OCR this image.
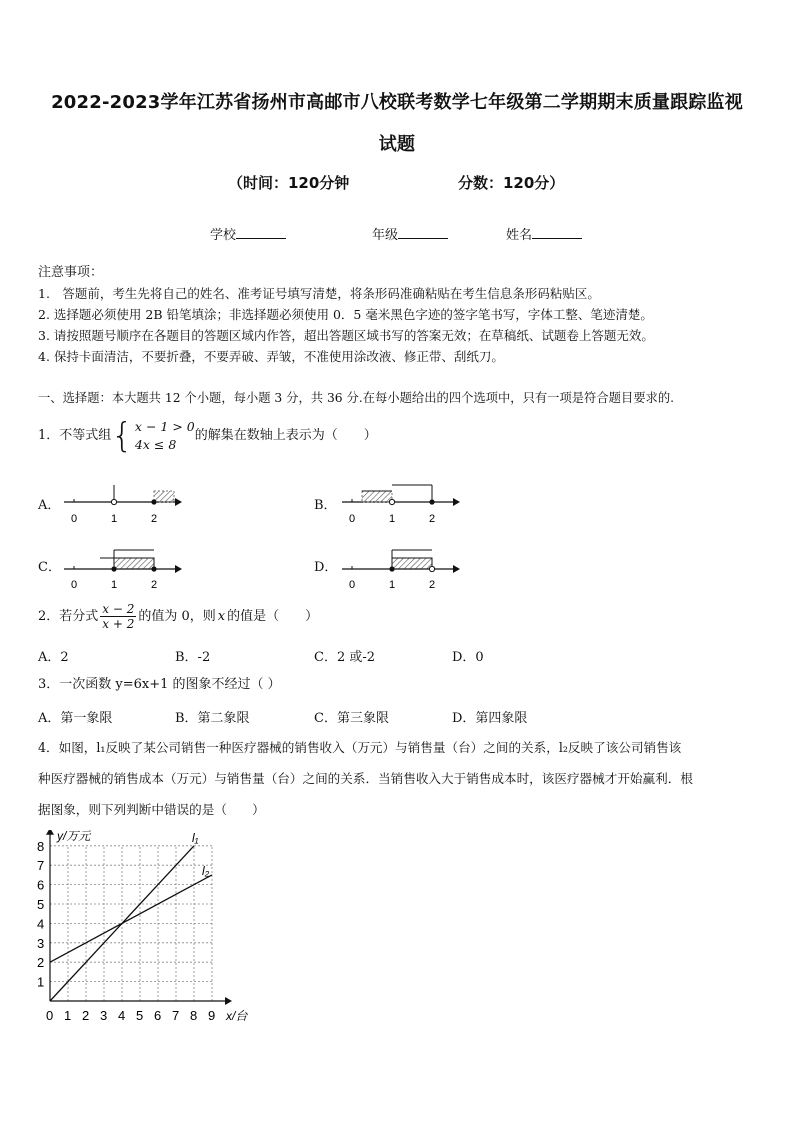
2022-2023学年江苏省扬州市高邮市八校联考数学七年级第二学期期末质量跟踪监视
试题
（时间：120分钟	分数：120分）
学校	年级	姓名
注意事项：
1.　答题前，考生先将自己的姓名、准考证号填写清楚，将条形码准确粘贴在考生信息条形码粘贴区。
2. 选择题必须使用 2B 铅笔填涂；非选择题必须使用 0．5 毫米黑色字迹的签字笔书写，字体工整、笔迹清楚。
3. 请按照题号顺序在各题目的答题区域内作答，超出答题区域书写的答案无效；在草稿纸、试题卷上答题无效。
4. 保持卡面清洁，不要折叠，不要弄破、弄皱，不准使用涂改液、修正带、刮纸刀。
一、选择题：本大题共 12 个小题，每小题 3 分，共 36 分.在每小题给出的四个选项中，只有一项是符合题目要求的.
1．不等式组 { x − 1 > 0
4x ≤ 8
的解集在数轴上表示为（　　）
A．	B．
C．	D．
0	1	2	0	1	2
0	1	2	0	1	2
2．若分式 $\frac{x - 2}{x + 2}$ 的值为 0，则 x 的值是（　　）
A．2	B．-2	C．2 或-2	D．0
3．一次函数 y=6x+1 的图象不经过（ ）
A．第一象限	B．第二象限	C．第三象限	D．第四象限
4．如图，l₁反映了某公司销售一种医疗器械的销售收入（万元）与销售量（台）之间的关系，l₂反映了该公司销售该
种医疗器械的销售成本（万元）与销售量（台）之间的关系．当销售收入大于销售成本时，该医疗器械才开始赢利．根
据图象，则下列判断中错误的是（　　）
0 1 2 3 4 5 6 7 8 9
1
2
3
4
5
6
7
8
y/万元
x/台
l₁
l₂
